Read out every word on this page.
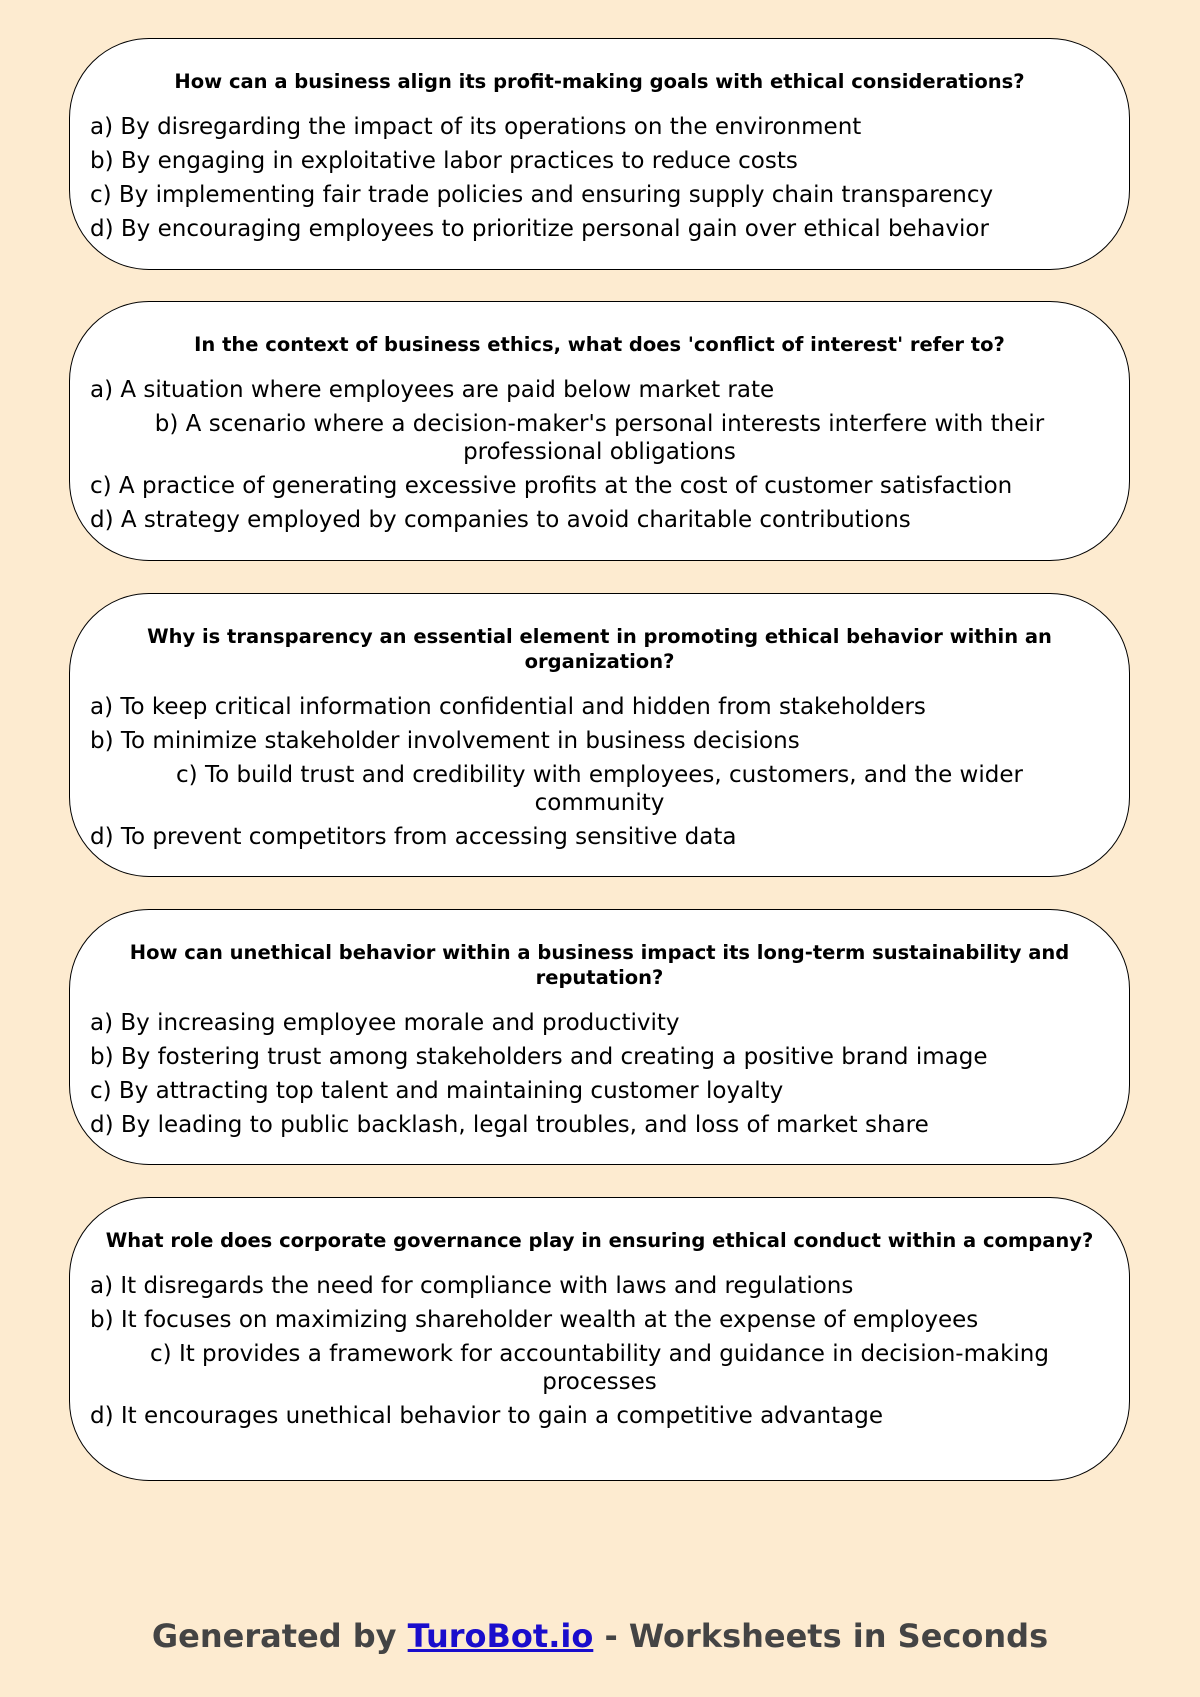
How can a business align its profit-making goals with ethical considerations?
a) By disregarding the impact of its operations on the environment
b) By engaging in exploitative labor practices to reduce costs
c) By implementing fair trade policies and ensuring supply chain transparency
d) By encouraging employees to prioritize personal gain over ethical behavior
In the context of business ethics, what does 'conflict of interest' refer to?
a) A situation where employees are paid below market rate
b) A scenario where a decision-maker's personal interests interfere with their professional obligations
c) A practice of generating excessive profits at the cost of customer satisfaction
d) A strategy employed by companies to avoid charitable contributions
Why is transparency an essential element in promoting ethical behavior within an organization?
a) To keep critical information confidential and hidden from stakeholders
b) To minimize stakeholder involvement in business decisions
c) To build trust and credibility with employees, customers, and the wider community
d) To prevent competitors from accessing sensitive data
How can unethical behavior within a business impact its long-term sustainability and reputation?
a) By increasing employee morale and productivity
b) By fostering trust among stakeholders and creating a positive brand image
c) By attracting top talent and maintaining customer loyalty
d) By leading to public backlash, legal troubles, and loss of market share
What role does corporate governance play in ensuring ethical conduct within a company?
a) It disregards the need for compliance with laws and regulations
b) It focuses on maximizing shareholder wealth at the expense of employees
c) It provides a framework for accountability and guidance in decision-making processes
d) It encourages unethical behavior to gain a competitive advantage
Generated by TuroBot.io - Worksheets in Seconds
